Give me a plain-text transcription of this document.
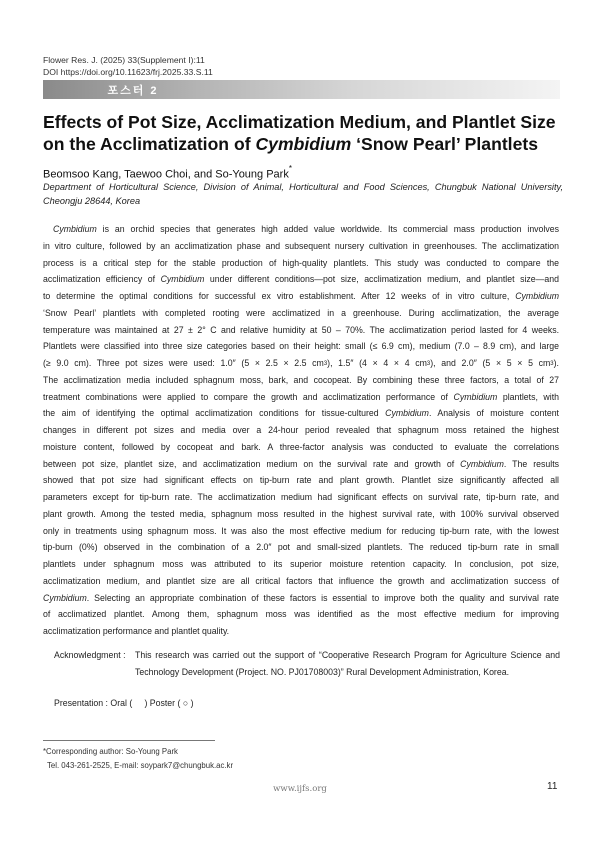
Flower Res. J. (2025) 33(Supplement I):11
DOI https://doi.org/10.11623/frj.2025.33.S.11
포스터 2
Effects of Pot Size, Acclimatization Medium, and Plantlet Size on the Acclimatization of Cymbidium ‘Snow Pearl’ Plantlets
Beomsoo Kang, Taewoo Choi, and So-Young Park*
Department of Horticultural Science, Division of Animal, Horticultural and Food Sciences, Chungbuk National University, Cheongju 28644, Korea
Cymbidium is an orchid species that generates high added value worldwide. Its commercial mass production involves
in vitro culture, followed by an acclimatization phase and subsequent nursery cultivation in greenhouses. The acclimatization
process is a critical step for the stable production of high-quality plantlets. This study was conducted to compare the
acclimatization efficiency of Cymbidium under different conditions—pot size, acclimatization medium, and plantlet size—and
to determine the optimal conditions for successful ex vitro establishment. After 12 weeks of in vitro culture, Cymbidium
‘Snow Pearl’ plantlets with completed rooting were acclimatized in a greenhouse. During acclimatization, the average
temperature was maintained at 27 ± 2° C and relative humidity at 50 – 70%. The acclimatization period lasted for 4 weeks.
Plantlets were classified into three size categories based on their height: small (≤ 6.9 cm), medium (7.0 – 8.9 cm), and large
(≥ 9.0 cm). Three pot sizes were used: 1.0″ (5 × 2.5 × 2.5 $cm^3$), 1.5″ (4 × 4 × 4 $cm^3$), and 2.0″ (5 × 5 × 5 $cm^3$).
The acclimatization media included sphagnum moss, bark, and cocopeat. By combining these three factors, a total of 27
treatment combinations were applied to compare the growth and acclimatization performance of Cymbidium plantlets, with
the aim of identifying the optimal acclimatization conditions for tissue-cultured Cymbidium. Analysis of moisture content
changes in different pot sizes and media over a 24-hour period revealed that sphagnum moss retained the highest
moisture content, followed by cocopeat and bark. A three-factor analysis was conducted to evaluate the correlations
between pot size, plantlet size, and acclimatization medium on the survival rate and growth of Cymbidium. The results
showed that pot size had significant effects on tip-burn rate and plant growth. Plantlet size significantly affected all
parameters except for tip-burn rate. The acclimatization medium had significant effects on survival rate, tip-burn rate, and
plant growth. Among the tested media, sphagnum moss resulted in the highest survival rate, with 100% survival observed
only in treatments using sphagnum moss. It was also the most effective medium for reducing tip-burn rate, with the lowest
tip-burn (0%) observed in the combination of a 2.0″ pot and small-sized plantlets. The reduced tip-burn rate in small
plantlets under sphagnum moss was attributed to its superior moisture retention capacity. In conclusion, pot size,
acclimatization medium, and plantlet size are all critical factors that influence the growth and acclimatization success of
Cymbidium. Selecting an appropriate combination of these factors is essential to improve both the quality and survival rate
of acclimatized plantlet. Among them, sphagnum moss was identified as the most effective medium for improving
acclimatization performance and plantlet quality.
Acknowledgment : This research was carried out the support of “Cooperative Research Program for Agriculture Science and Technology Development (Project. NO. PJ01708003)” Rural Development Administration, Korea.
Presentation : Oral (     ) Poster ( ○ )
*Corresponding author: So-Young Park
Tel. 043-261-2525, E-mail: soypark7@chungbuk.ac.kr
www.ijfs.org	11
